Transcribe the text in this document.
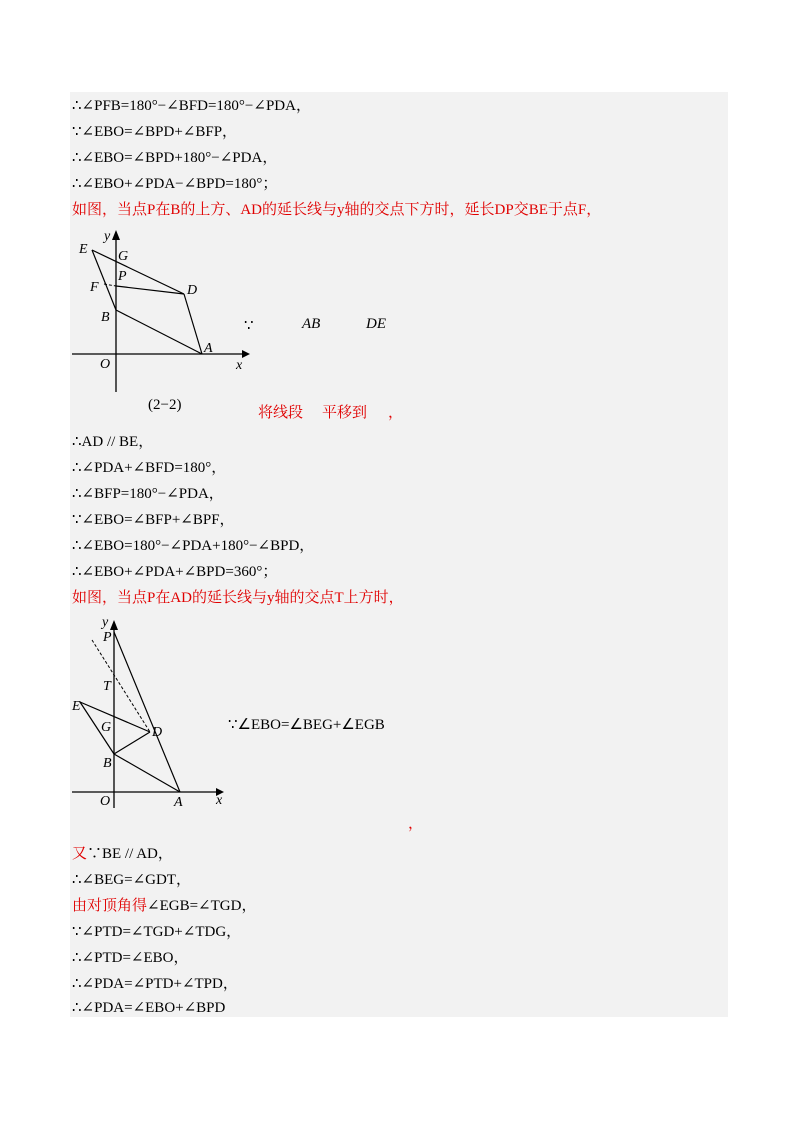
∴∠PFB=180°−∠BFD=180°−∠PDA，
∵∠EBO=∠BPD+∠BFP，
∴∠EBO=∠BPD+180°−∠PDA，
∴∠EBO+∠PDA−∠BPD=180°；
如图，当点P在B的上方、AD的延长线与y轴的交点下方时，延长DP交BE于点F，
y
x
O
E G
P
F	D
B
A
(2−2)
∵	AB	DE
将线段 平移到 ，
∴AD // BE，
∴∠PDA+∠BFD=180°，
∴∠BFP=180°−∠PDA，
∵∠EBO=∠BFP+∠BPF，
∴∠EBO=180°−∠PDA+180°−∠BPD，
∴∠EBO+∠PDA+∠BPD=360°；
如图，当点P在AD的延长线与y轴的交点T上方时，
y
x
O
P
T
E
G	D
B
A
∵∠EBO=∠BEG+∠EGB
，
又∵BE // AD，
∴∠BEG=∠GDT，
由对顶角得∠EGB=∠TGD，
∵∠PTD=∠TGD+∠TDG，
∴∠PTD=∠EBO，
∴∠PDA=∠PTD+∠TPD，
∴∠PDA=∠EBO+∠BPD
